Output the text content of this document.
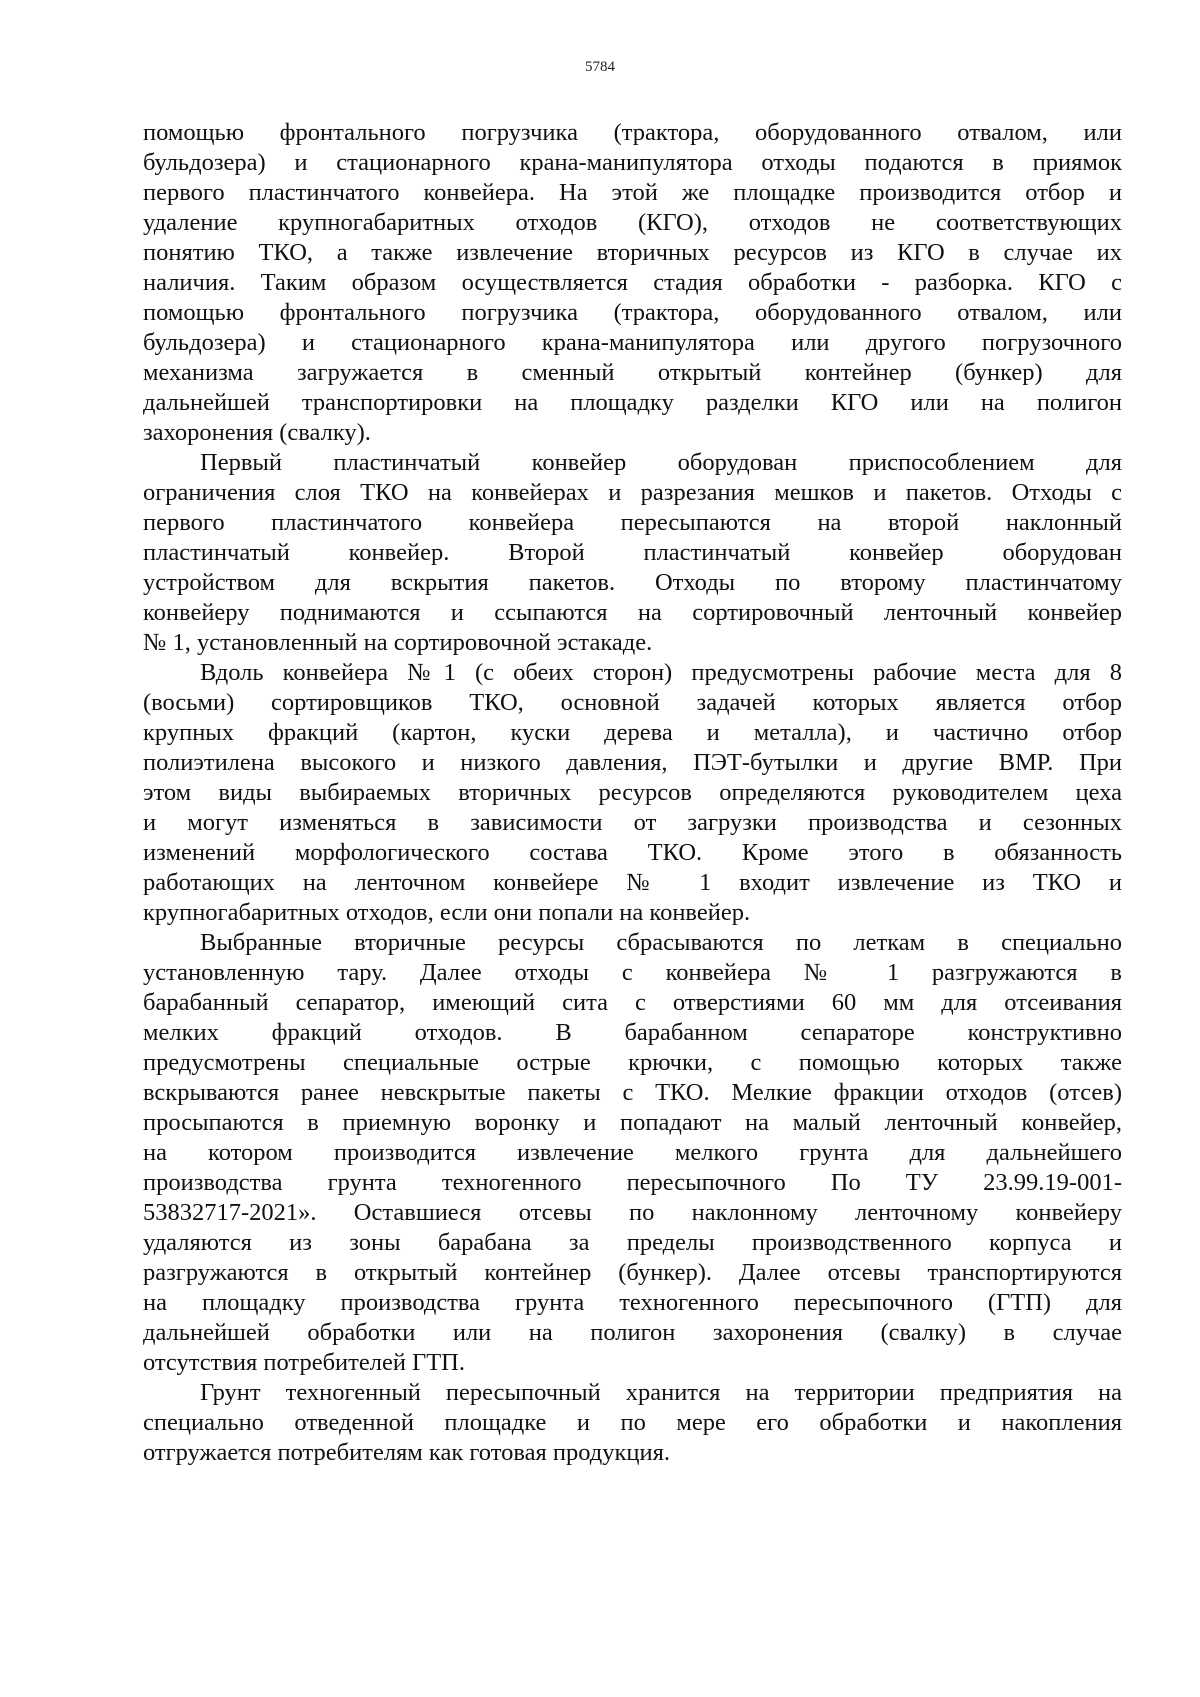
5784
помощью фронтального погрузчика (трактора, оборудованного отвалом, или
бульдозера) и стационарного крана-манипулятора отходы подаются в приямок
первого пластинчатого конвейера. На этой же площадке производится отбор и
удаление крупногабаритных отходов (КГО), отходов не соответствующих
понятию ТКО, а также извлечение вторичных ресурсов из КГО в случае их
наличия. Таким образом осуществляется стадия обработки - разборка. КГО с
помощью фронтального погрузчика (трактора, оборудованного отвалом, или
бульдозера) и стационарного крана-манипулятора или другого погрузочного
механизма загружается в сменный открытый контейнер (бункер) для
дальнейшей транспортировки на площадку разделки КГО или на полигон
захоронения (свалку).
Первый пластинчатый конвейер оборудован приспособлением для
ограничения слоя ТКО на конвейерах и разрезания мешков и пакетов. Отходы с
первого пластинчатого конвейера пересыпаются на второй наклонный
пластинчатый конвейер. Второй пластинчатый конвейер оборудован
устройством для вскрытия пакетов. Отходы по второму пластинчатому
конвейеру поднимаются и ссыпаются на сортировочный ленточный конвейер
№ 1, установленный на сортировочной эстакаде.
Вдоль конвейера №1 (с обеих сторон) предусмотрены рабочие места для 8
(восьми) сортировщиков ТКО, основной задачей которых является отбор
крупных фракций (картон, куски дерева и металла), и частично отбор
полиэтилена высокого и низкого давления, ПЭТ-бутылки и другие ВМР. При
этом виды выбираемых вторичных ресурсов определяются руководителем цеха
и могут изменяться в зависимости от загрузки производства и сезонных
изменений морфологического состава ТКО. Кроме этого в обязанность
работающих на ленточном конвейере № 1 входит извлечение из ТКО и
крупногабаритных отходов, если они попали на конвейер.
Выбранные вторичные ресурсы сбрасываются по леткам в специально
установленную тару. Далее отходы с конвейера № 1 разгружаются в
барабанный сепаратор, имеющий сита с отверстиями 60 мм для отсеивания
мелких фракций отходов. В барабанном сепараторе конструктивно
предусмотрены специальные острые крючки, с помощью которых также
вскрываются ранее невскрытые пакеты с ТКО. Мелкие фракции отходов (отсев)
просыпаются в приемную воронку и попадают на малый ленточный конвейер,
на котором производится извлечение мелкого грунта для дальнейшего
производства грунта техногенного пересыпочного По ТУ 23.99.19-001-
53832717-2021». Оставшиеся отсевы по наклонному ленточному конвейеру
удаляются из зоны барабана за пределы производственного корпуса и
разгружаются в открытый контейнер (бункер). Далее отсевы транспортируются
на площадку производства грунта техногенного пересыпочного (ГТП) для
дальнейшей обработки или на полигон захоронения (свалку) в случае
отсутствия потребителей ГТП.
Грунт техногенный пересыпочный хранится на территории предприятия на
специально отведенной площадке и по мере его обработки и накопления
отгружается потребителям как готовая продукция.
